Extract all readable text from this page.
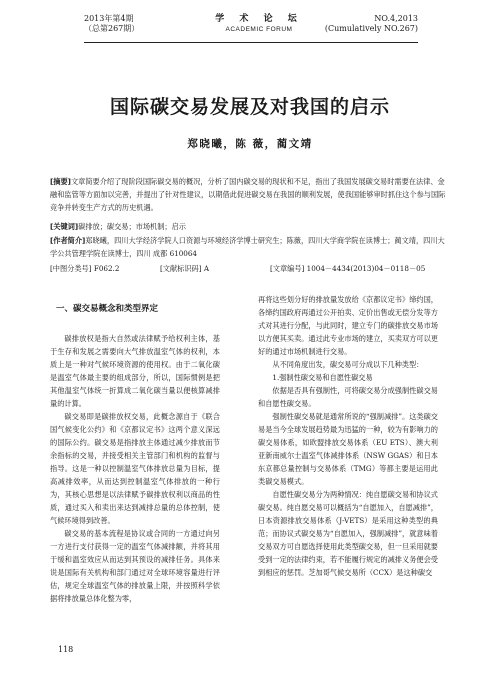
2013年第4期
（总第267期）
学 术 论 坛
ACADEMIC FORUM
NO.4,2013
(Cumulatively NO.267)
国际碳交易发展及对我国的启示
郑晓曦，陈 薇，蔺文靖
[摘要]文章简要介绍了现阶段国际碳交易的概况，分析了国内碳交易的现状和不足，指出了我国发展碳交易时需要在法律、金融和监管等方面加以完善，并提出了针对性建议，以期借此促进碳交易在我国的顺利发展，使我国能够审时抓住这个参与国际竞争并转变生产方式的历史机遇。
[关键词]碳排放；碳交易；市场机制；启示
[作者简介]郑晓曦，四川大学经济学院人口资源与环境经济学博士研究生；陈薇，四川大学商学院在读博士；蔺文靖，四川大学公共管理学院在读博士，四川 成都 610064
[中图分类号] F062.2	[文献标识码] A	[文章编号] 1004－4434(2013)04－0118－05
一、碳交易概念和类型界定

碳排放权是指大自然或法律赋予给权利主体，基于生存和发展之需要向大气排放温室气体的权利，本质上是一种对气候环境资源的使用权。由于二氧化碳是温室气体最主要的组成部分，所以，国际惯例是把其他温室气体统一折算成二氧化碳当量以便核算减排量的计算。

碳交易即是碳排放权交易，此概念源自于《联合国气候变化公约》和《京都议定书》这两个意义深远的国际公约。碳交易是指排放主体通过减少排放而节余指标的交易，并接受相关主管部门和机构的监督与指导。这是一种以控制温室气体排放总量为目标，提高减排效率，从而达到控制温室气体排放的一种行为，其核心思想是以法律赋予碳排放权利以商品的性质，通过买入和卖出来达到减排总量的总体控制，使气候环境得到改善。

碳交易的基本流程是协议或合同的一方通过向另一方进行支付获得一定的温室气体减排额，并将其用于缓和温室效应从而达到其预设的减排任务。具体来说是国际有关机构和部门通过对全球环境容量进行评估，规定全球温室气体的排放量上限，并按照科学依据将排放量总体化整为零，

再将这些划分好的排放量发放给《京都议定书》缔约国，各缔约国政府再通过公开拍卖、定价出售或无偿分发等方式对其进行分配，与此同时，建立专门的碳排放交易市场以方便其买卖。通过此专业市场的建立，买卖双方可以更好的通过市场机制进行交易。

从不同角度出发，碳交易可分成以下几种类型：

1.强制性碳交易和自愿性碳交易

依据是否具有强制性，可将碳交易分成强制性碳交易和自愿性碳交易。

强制性碳交易就是通常所说的“强制减排”。这类碳交易是当今全球发展趋势最为迅猛的一种，较为有影响力的碳交易体系，如欧盟排放交易体系（EU ETS）、澳大利亚新南威尔士温室气体减排体系（NSW GGAS）和日本东京都总量控制与交易体系（TMG）等都主要是运用此类碳交易模式。

自愿性碳交易分为两种情况：纯自愿碳交易和协议式碳交易。纯自愿交易可以概括为“自愿加入，自愿减排”，日本资源排放交易体系（J-VETS）是采用这种类型的典范；而协议式碳交易为“自愿加入，强制减排”，就意味着交易双方可自愿选择使用此类型碳交易，但一旦采用就要受到一定的法律约束，若不能履行规定的减排义务便会受到相应的惩罚。芝加哥气候交易所（CCX）是这种碳交

118
